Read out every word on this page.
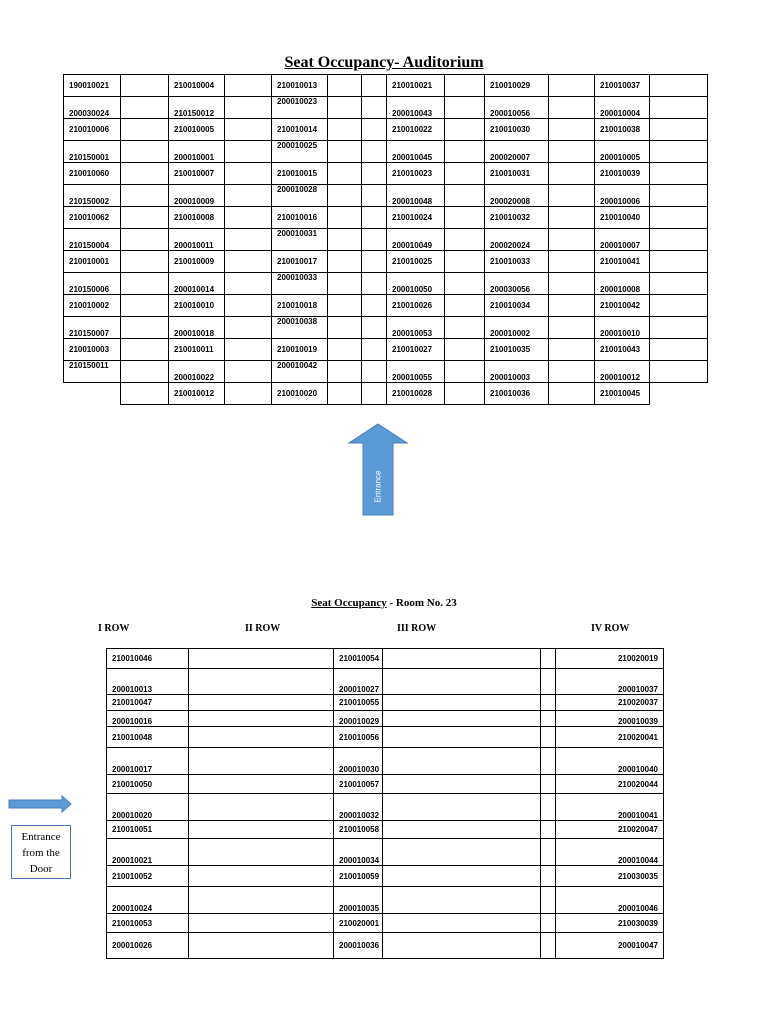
Seat Occupancy- Auditorium
190010021		210010004		210010013			210010021		210010029		210010037	
200030024		210150012		200010023			200010043		200010056		200010004	
210010006		210010005		210010014			210010022		210010030		210010038	
210150001		200010001		200010025			200010045		200020007		200010005	
210010060		210010007		210010015			210010023		210010031		210010039	
210150002		200010009		200010028			200010048		200020008		200010006	
210010062		210010008		210010016			210010024		210010032		210010040	
210150004		200010011		200010031			200010049		200020024		200010007	
210010001		210010009		210010017			210010025		210010033		210010041	
210150006		200010014		200010033			200010050		200030056		200010008	
210010002		210010010		210010018			210010026		210010034		210010042	
210150007		200010018		200010038			200010053		200010002		200010010	
210010003		210010011		210010019			210010027		210010035		210010043	
210150011		200010022		200010042			200010055		200010003		200010012	
		210010012		210010020			210010028		210010036		210010045	
Entrance
Seat Occupancy - Room No. 23
I ROW	II ROW	III ROW	IV ROW
210010046		210010054			210020019
200010013		200010027			200010037
210010047		210010055			210020037
200010016		200010029			200010039
210010048		210010056			210020041
200010017		200010030			200010040
210010050		210010057			210020044
200010020		200010032			200010041
210010051		210010058			210020047
200010021		200010034			200010044
210010052		210010059			210030035
200010024		200010035			200010046
210010053		210020001			210030039
200010026		200010036			200010047
Entrance
from the
Door
